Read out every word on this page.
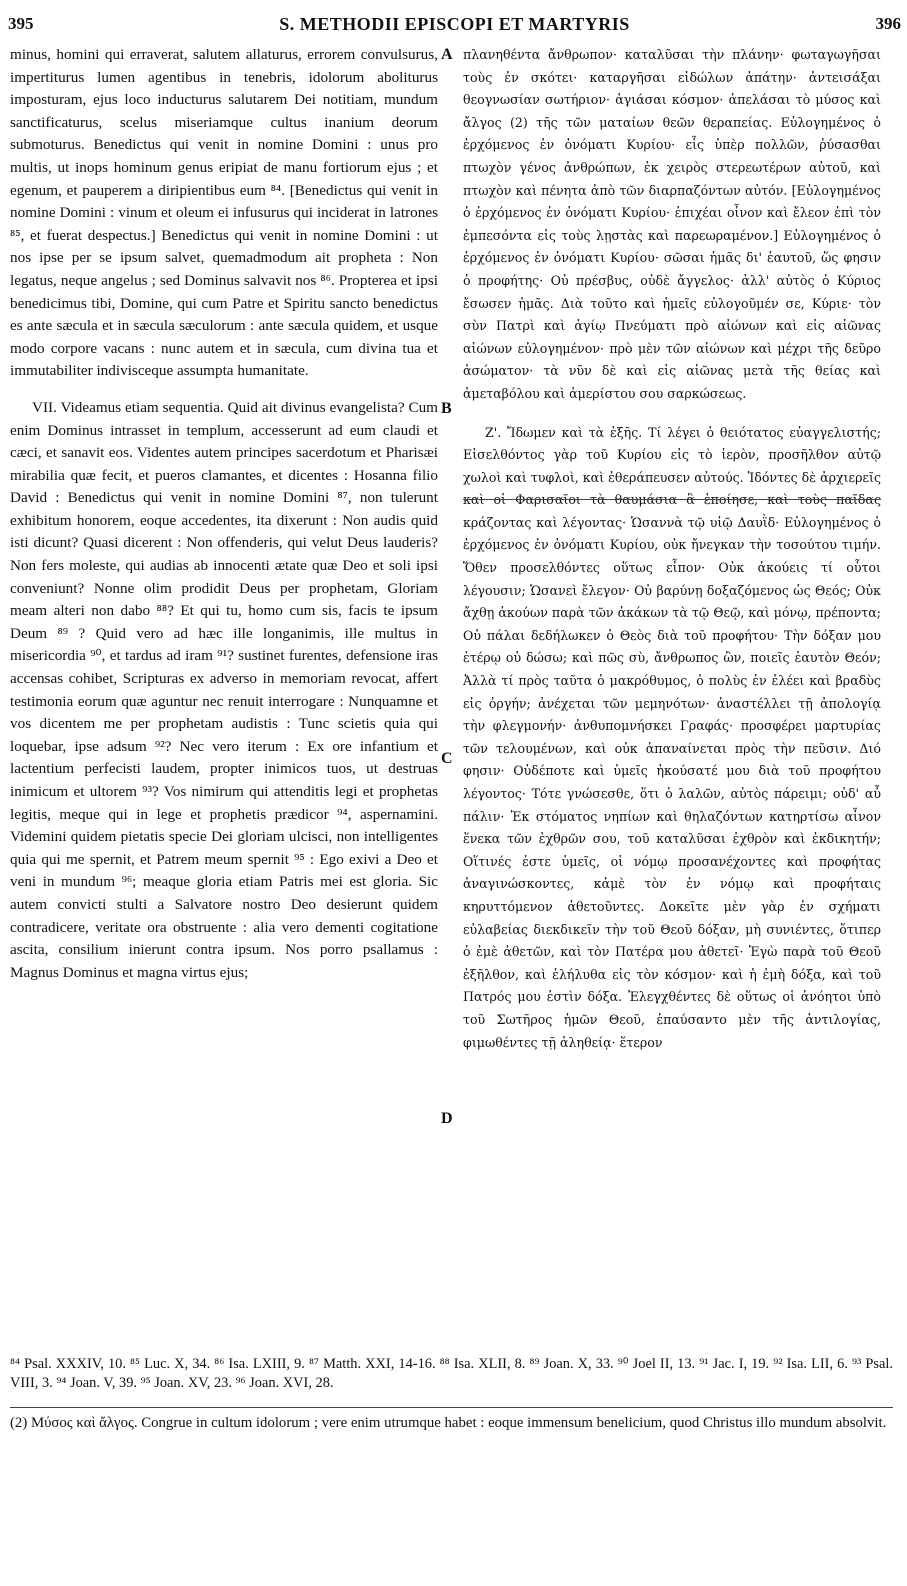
395	S. METHODII EPISCOPI ET MARTYRIS	396

minus, homini qui erraverat, salutem allaturus, errorem convulsurus, impertiturus lumen agentibus in tenebris, idolorum aboliturus imposturam, ejus loco inducturus salutarem Dei notitiam, mundum sanctificaturus, scelus miseriamque cultus inanium deorum submoturus. Benedictus qui venit in nomine Domini : unus pro multis, ut inops hominum genus eripiat de manu fortiorum ejus ; et egenum, et pauperem a diripientibus eum ⁸⁴. [Benedictus qui venit in nomine Domini : vinum et oleum ei infusurus qui inciderat in latrones ⁸⁵, et fuerat despectus.] Benedictus qui venit in nomine Domini : ut nos ipse per se ipsum salvet, quemadmodum ait propheta : Non legatus, neque angelus ; sed Dominus salvavit nos ⁸⁶. Propterea et ipsi benedicimus tibi, Domine, qui cum Patre et Spiritu sancto benedictus es ante sæcula et in sæcula sæculorum : ante sæcula quidem, et usque modo corpore vacans : nunc autem et in sæcula, cum divina tua et immutabiliter indivisceque assumpta humanitate.

VII. Videamus etiam sequentia. Quid ait divinus evangelista? Cum enim Dominus intrasset in templum, accesserunt ad eum claudi et cæci, et sanavit eos. Videntes autem principes sacerdotum et Pharisæi mirabilia quæ fecit, et pueros clamantes, et dicentes : Hosanna filio David : Benedictus qui venit in nomine Domini ⁸⁷, non tulerunt exhibitum honorem, eoque accedentes, ita dixerunt : Non audis quid isti dicunt? Quasi dicerent : Non offenderis, qui velut Deus lauderis? Non fers moleste, qui audias ab innocenti ætate quæ Deo et soli ipsi conveniunt? Nonne olim prodidit Deus per prophetam, Gloriam meam alteri non dabo ⁸⁸? Et qui tu, homo cum sis, facis te ipsum Deum ⁸⁹ ? Quid vero ad hæc ille longanimis, ille multus in misericordia ⁹⁰, et tardus ad iram ⁹¹? sustinet furentes, defensione iras accensas cohibet, Scripturas ex adverso in memoriam revocat, affert testimonia eorum quæ aguntur nec renuit interrogare : Nunquamne et vos dicentem me per prophetam audistis : Tunc scietis quia qui loquebar, ipse adsum ⁹²? Nec vero iterum : Ex ore infantium et lactentium perfecisti laudem, propter inimicos tuos, ut destruas inimicum et ultorem ⁹³? Vos nimirum qui attenditis legi et prophetas legitis, meque qui in lege et prophetis prædicor ⁹⁴, aspernamini. Videmini quidem pietatis specie Dei gloriam ulcisci, non intelligentes quia qui me spernit, et Patrem meum spernit ⁹⁵ : Ego exivi a Deo et veni in mundum ⁹⁶; meaque gloria etiam Patris mei est gloria. Sic autem convicti stulti a Salvatore nostro Deo desierunt quidem contradicere, veritate ora obstruente : alia vero dementi cogitatione ascita, consilium inierunt contra ipsum. Nos porro psallamus : Magnus Dominus et magna virtus ejus;

A
B
C
D

πλανηθέντα ἄνθρωπον· καταλῦσαι τὴν πλάνην· φωταγωγῆσαι τοὺς ἐν σκότει· καταργῆσαι εἰδώλων ἀπάτην· ἀντεισάξαι θεογνωσίαν σωτήριον· ἁγιάσαι κόσμον· ἀπελάσαι τὸ μύσος καὶ ἄλγος (2) τῆς τῶν ματαίων θεῶν θεραπείας. Εὐλογημένος ὁ ἐρχόμενος ἐν ὀνόματι Κυρίου· εἷς ὑπὲρ πολλῶν, ῥύσασθαι πτωχὸν γένος ἀνθρώπων, ἐκ χειρὸς στερεωτέρων αὐτοῦ, καὶ πτωχὸν καὶ πένητα ἀπὸ τῶν διαρπαζόντων αὐτόν. [Εὐλογημένος ὁ ἐρχόμενος ἐν ὀνόματι Κυρίου· ἐπιχέαι οἶνον καὶ ἔλεον ἐπὶ τὸν ἐμπεσόντα εἰς τοὺς λῃστὰς καὶ παρεωραμένον.] Εὐλογημένος ὁ ἐρχόμενος ἐν ὀνόματι Κυρίου· σῶσαι ἡμᾶς δι' ἑαυτοῦ, ὥς φησιν ὁ προφήτης· Οὐ πρέσβυς, οὐδὲ ἄγγελος· ἀλλ' αὐτὸς ὁ Κύριος ἔσωσεν ἡμᾶς. Διὰ τοῦτο καὶ ἡμεῖς εὐλογοῦμέν σε, Κύριε· τὸν σὺν Πατρὶ καὶ ἁγίῳ Πνεύματι πρὸ αἰώνων καὶ εἰς αἰῶνας αἰώνων εὐλογημένον· πρὸ μὲν τῶν αἰώνων καὶ μέχρι τῆς δεῦρο ἀσώματον· τὰ νῦν δὲ καὶ εἰς αἰῶνας μετὰ τῆς θείας καὶ ἀμεταβόλου καὶ ἀμερίστου σου σαρκώσεως.

Ζ'. Ἴδωμεν καὶ τὰ ἑξῆς. Τί λέγει ὁ θειότατος εὐαγγελιστής; Εἰσελθόντος γὰρ τοῦ Κυρίου εἰς τὸ ἱερὸν, προσῆλθον αὐτῷ χωλοὶ καὶ τυφλοὶ, καὶ ἐθεράπευσεν αὐτούς. Ἰδόντες δὲ ἀρχιερεῖς καὶ οἱ Φαρισαῖοι τὰ θαυμάσια ἃ ἐποίησε, καὶ τοὺς παῖδας κράζοντας καὶ λέγοντας· Ὡσαννὰ τῷ υἱῷ Δαυῒδ· Εὐλογημένος ὁ ἐρχόμενος ἐν ὀνόματι Κυρίου, οὐκ ἤνεγκαν τὴν τοσούτου τιμήν. Ὅθεν προσελθόντες οὕτως εἶπον· Οὐκ ἀκούεις τί οὗτοι λέγουσιν; Ὡσανεὶ ἔλεγον· Οὐ βαρύνῃ δοξαζόμενος ὡς Θεός; Οὐκ ἄχθῃ ἀκούων παρὰ τῶν ἀκάκων τὰ τῷ Θεῷ, καὶ μόνῳ, πρέποντα; Οὐ πάλαι δεδήλωκεν ὁ Θεὸς διὰ τοῦ προφήτου· Τὴν δόξαν μου ἑτέρῳ οὐ δώσω; καὶ πῶς σὺ, ἄνθρωπος ὢν, ποιεῖς ἑαυτὸν Θεόν; Ἀλλὰ τί πρὸς ταῦτα ὁ μακρόθυμος, ὁ πολὺς ἐν ἐλέει καὶ βραδὺς εἰς ὀργήν; ἀνέχεται τῶν μεμηνότων· ἀναστέλλει τῇ ἀπολογίᾳ τὴν φλεγμονήν· ἀνθυπομνήσκει Γραφάς· προσφέρει μαρτυρίας τῶν τελουμένων, καὶ οὐκ ἀπαναίνεται πρὸς τὴν πεῦσιν. Διό φησιν· Οὐδέποτε καὶ ὑμεῖς ἠκούσατέ μου διὰ τοῦ προφήτου λέγοντος· Τότε γνώσεσθε, ὅτι ὁ λαλῶν, αὐτὸς πάρειμι; οὐδ' αὖ πάλιν· Ἐκ στόματος νηπίων καὶ θηλαζόντων κατηρτίσω αἶνον ἕνεκα τῶν ἐχθρῶν σου, τοῦ καταλῦσαι ἐχθρὸν καὶ ἐκδικητήν; Οἵτινές ἐστε ὑμεῖς, οἱ νόμῳ προσανέχοντες καὶ προφήτας ἀναγινώσκοντες, κἀμὲ τὸν ἐν νόμῳ καὶ προφήταις κηρυττόμενον ἀθετοῦντες. Δοκεῖτε μὲν γὰρ ἐν σχήματι εὐλαβείας διεκδικεῖν τὴν τοῦ Θεοῦ δόξαν, μὴ συνιέντες, ὅτιπερ ὁ ἐμὲ ἀθετῶν, καὶ τὸν Πατέρα μου ἀθετεῖ· Ἐγὼ παρὰ τοῦ Θεοῦ ἐξῆλθον, καὶ ἐλήλυθα εἰς τὸν κόσμον· καὶ ἡ ἐμὴ δόξα, καὶ τοῦ Πατρός μου ἐστὶν δόξα. Ἐλεγχθέντες δὲ οὕτως οἱ ἀνόητοι ὑπὸ τοῦ Σωτῆρος ἡμῶν Θεοῦ, ἐπαύσαντο μὲν τῆς ἀντιλογίας, φιμωθέντες τῇ ἀληθείᾳ· ἕτερον

⁸⁴ Psal. XXXIV, 10. ⁸⁵ Luc. X, 34. ⁸⁶ Isa. LXIII, 9. ⁸⁷ Matth. XXI, 14-16. ⁸⁸ Isa. XLII, 8. ⁸⁹ Joan. X, 33. ⁹⁰ Joel II, 13. ⁹¹ Jac. I, 19. ⁹² Isa. LII, 6. ⁹³ Psal. VIII, 3. ⁹⁴ Joan. V, 39. ⁹⁵ Joan. XV, 23. ⁹⁶ Joan. XVI, 28.
(2) Μύσος καὶ ἄλγος. Congrue in cultum idolorum ; vere enim utrumque habet : eoque immensum benelicium, quod Christus illo mundum absolvit.
